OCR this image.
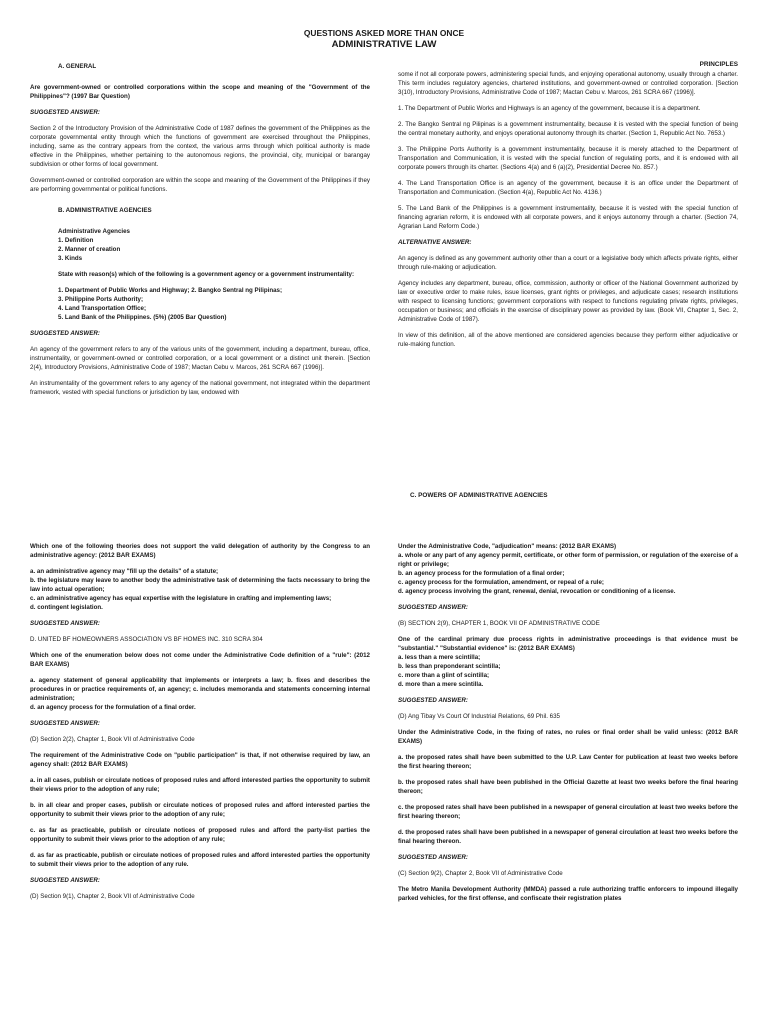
QUESTIONS ASKED MORE THAN ONCE
ADMINISTRATIVE LAW
PRINCIPLES
C. POWERS OF ADMINISTRATIVE AGENCIES
A. GENERAL

Are government-owned or controlled corporations within the scope and meaning of the "Government of the Philippines"? (1997 Bar Question)

SUGGESTED ANSWER:

Section 2 of the Introductory Provision of the Administrative Code of 1987 defines the government of the Philippines as the corporate governmental entity through which the functions of government are exercised throughout the Philippines, including, same as the contrary appears from the context, the various arms through which political authority is made effective in the Philippines, whether pertaining to the autonomous regions, the provincial, city, municipal or barangay subdivision or other forms of local government.

Government-owned or controlled corporation are within the scope and meaning of the Government of the Philippines if they are performing governmental or political functions.

B. ADMINISTRATIVE AGENCIES
Administrative Agencies
1. Definition
2. Manner of creation
3. Kinds

State with reason(s) which of the following is a government agency or a government instrumentality:

1. Department of Public Works and Highway; 2. Bangko Sentral ng Pilipinas;
3. Philippine Ports Authority;
4. Land Transportation Office;
5. Land Bank of the Philippines. (5%) (2005 Bar Question)

SUGGESTED ANSWER:

An agency of the government refers to any of the various units of the government, including a department, bureau, office, instrumentality, or government-owned or controlled corporation, or a local government or a distinct unit therein. [Section 2(4), Introductory Provisions, Administrative Code of 1987; Mactan Cebu v. Marcos, 261 SCRA 667 (1996)].

An instrumentality of the government refers to any agency of the national government, not integrated within the department framework, vested with special functions or jurisdiction by law, endowed with

some if not all corporate powers, administering special funds, and enjoying operational autonomy, usually through a charter. This term includes regulatory agencies, chartered institutions, and government-owned or controlled corporation. [Section 3(10), Introductory Provisions, Administrative Code of 1987; Mactan Cebu v. Marcos, 261 SCRA 667 (1996)].

1. The Department of Public Works and Highways is an agency of the government, because it is a department.

2. The Bangko Sentral ng Pilipinas is a government instrumentality, because it is vested with the special function of being the central monetary authority, and enjoys operational autonomy through its charter. (Section 1, Republic Act No. 7653.)

3. The Philippine Ports Authority is a government instrumentality, because it is merely attached to the Department of Transportation and Communication, it is vested with the special function of regulating ports, and it is endowed with all corporate powers through its charter. (Sections 4(a) and 6 (a)(2), Presidential Decree No. 857.)

4. The Land Transportation Office is an agency of the government, because it is an office under the Department of Transportation and Communication. (Section 4(a), Republic Act No. 4136.)

5. The Land Bank of the Philippines is a government instrumentality, because it is vested with the special function of financing agrarian reform, it is endowed with all corporate powers, and it enjoys autonomy through a charter. (Section 74, Agrarian Land Reform Code.)

ALTERNATIVE ANSWER:

An agency is defined as any government authority other than a court or a legislative body which affects private rights, either through rule-making or adjudication.

Agency includes any department, bureau, office, commission, authority or officer of the National Government authorized by law or executive order to make rules, issue licenses, grant rights or privileges, and adjudicate cases; research institutions with respect to licensing functions; government corporations with respect to functions regulating private rights, privileges, occupation or business; and officials in the exercise of disciplinary power as provided by law. (Book VII, Chapter 1, Sec. 2, Administrative Code of 1987).

In view of this definition, all of the above mentioned are considered agencies because they perform either adjudicative or rule-making function.

Which one of the following theories does not support the valid delegation of authority by the Congress to an administrative agency: (2012 BAR EXAMS)

a. an administrative agency may "fill up the details" of a statute;
b. the legislature may leave to another body the administrative task of determining the facts necessary to bring the law into actual operation;
c. an administrative agency has equal expertise with the legislature in crafting and implementing laws;
d. contingent legislation.

SUGGESTED ANSWER:

D. UNITED BF HOMEOWNERS ASSOCIATION VS BF HOMES INC. 310 SCRA 304

Which one of the enumeration below does not come under the Administrative Code definition of a "rule": (2012 BAR EXAMS)

a. agency statement of general applicability that implements or interprets a law; b. fixes and describes the procedures in or practice requirements of, an agency; c. includes memoranda and statements concerning internal administration;
d. an agency process for the formulation of a final order.

SUGGESTED ANSWER:

(D) Section 2(2), Chapter 1, Book VII of Administrative Code

The requirement of the Administrative Code on "public participation" is that, if not otherwise required by law, an agency shall: (2012 BAR EXAMS)

a. in all cases, publish or circulate notices of proposed rules and afford interested parties the opportunity to submit their views prior to the adoption of any rule;

b. in all clear and proper cases, publish or circulate notices of proposed rules and afford interested parties the opportunity to submit their views prior to the adoption of any rule;

c. as far as practicable, publish or circulate notices of proposed rules and afford the party-list parties the opportunity to submit their views prior to the adoption of any rule;

d. as far as practicable, publish or circulate notices of proposed rules and afford interested parties the opportunity to submit their views prior to the adoption of any rule.

SUGGESTED ANSWER:

(D) Section 9(1), Chapter 2, Book VII of Administrative Code

Under the Administrative Code, "adjudication" means: (2012 BAR EXAMS)

a. whole or any part of any agency permit, certificate, or other form of permission, or regulation of the exercise of a right or privilege;
b. an agency process for the formulation of a final order;
c. agency process for the formulation, amendment, or repeal of a rule;
d. agency process involving the grant, renewal, denial, revocation or conditioning of a license.

SUGGESTED ANSWER:

(B) SECTION 2(9), CHAPTER 1, BOOK VII OF ADMINISTRATIVE CODE

One of the cardinal primary due process rights in administrative proceedings is that evidence must be "substantial." "Substantial evidence" is: (2012 BAR EXAMS)

a. less than a mere scintilla;
b. less than preponderant scintilla;
c. more than a glint of scintilla;
d. more than a mere scintilla.

SUGGESTED ANSWER:

(D) Ang Tibay Vs Court Of Industrial Relations, 69 Phil. 635

Under the Administrative Code, in the fixing of rates, no rules or final order shall be valid unless: (2012 BAR EXAMS)

a. the proposed rates shall have been submitted to the U.P. Law Center for publication at least two weeks before the first hearing thereon;

b. the proposed rates shall have been published in the Official Gazette at least two weeks before the final hearing thereon;

c. the proposed rates shall have been published in a newspaper of general circulation at least two weeks before the first hearing thereon;

d. the proposed rates shall have been published in a newspaper of general circulation at least two weeks before the final hearing thereon.

SUGGESTED ANSWER:

(C) Section 9(2), Chapter 2, Book VII of Administrative Code

The Metro Manila Development Authority (MMDA) passed a rule authorizing traffic enforcers to impound illegally parked vehicles, for the first offense, and confiscate their registration plates
